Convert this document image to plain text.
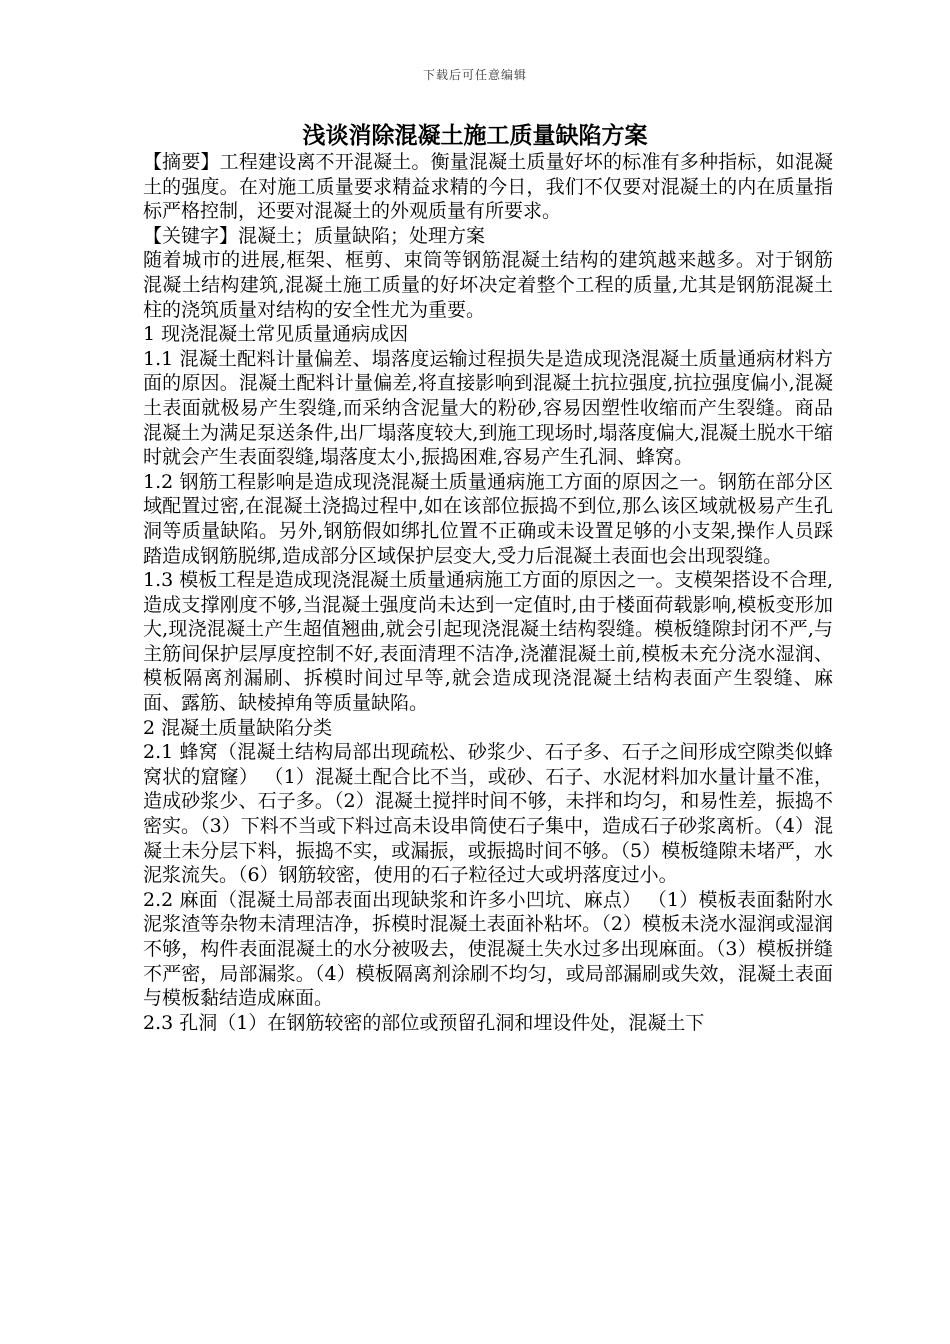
下载后可任意编辑
浅谈消除混凝土施工质量缺陷方案

【摘要】工程建设离不开混凝土。衡量混凝土质量好坏的标准有多种指标，如混凝土的强度。在对施工质量要求精益求精的今日，我们不仅要对混凝土的内在质量指标严格控制，还要对混凝土的外观质量有所要求。

【关键字】混凝土；质量缺陷；处理方案

随着城市的进展,框架、框剪、束筒等钢筋混凝土结构的建筑越来越多。对于钢筋混凝土结构建筑,混凝土施工质量的好坏决定着整个工程的质量,尤其是钢筋混凝土柱的浇筑质量对结构的安全性尤为重要。

1 现浇混凝土常见质量通病成因

1.1 混凝土配料计量偏差、塌落度运输过程损失是造成现浇混凝土质量通病材料方面的原因。混凝土配料计量偏差,将直接影响到混凝土抗拉强度,抗拉强度偏小,混凝土表面就极易产生裂缝,而采纳含泥量大的粉砂,容易因塑性收缩而产生裂缝。商品混凝土为满足泵送条件,出厂塌落度较大,到施工现场时,塌落度偏大,混凝土脱水干缩时就会产生表面裂缝,塌落度太小,振捣困难,容易产生孔洞、蜂窝。

1.2 钢筋工程影响是造成现浇混凝土质量通病施工方面的原因之一。钢筋在部分区域配置过密,在混凝土浇捣过程中,如在该部位振捣不到位,那么该区域就极易产生孔洞等质量缺陷。另外,钢筋假如绑扎位置不正确或未设置足够的小支架,操作人员踩踏造成钢筋脱绑,造成部分区域保护层变大,受力后混凝土表面也会出现裂缝。

1.3 模板工程是造成现浇混凝土质量通病施工方面的原因之一。支模架搭设不合理,造成支撑刚度不够,当混凝土强度尚未达到一定值时,由于楼面荷载影响,模板变形加大,现浇混凝土产生超值翘曲,就会引起现浇混凝土结构裂缝。模板缝隙封闭不严,与主筋间保护层厚度控制不好,表面清理不洁净,浇灌混凝土前,模板未充分浇水湿润、模板隔离剂漏刷、拆模时间过早等,就会造成现浇混凝土结构表面产生裂缝、麻面、露筋、缺棱掉角等质量缺陷。

2 混凝土质量缺陷分类

2.1 蜂窝（混凝土结构局部出现疏松、砂浆少、石子多、石子之间形成空隙类似蜂窝状的窟窿） （1）混凝土配合比不当，或砂、石子、水泥材料加水量计量不准，造成砂浆少、石子多。（2）混凝土搅拌时间不够，未拌和均匀，和易性差，振捣不密实。（3）下料不当或下料过高未设串筒使石子集中，造成石子砂浆离析。（4）混凝土未分层下料，振捣不实，或漏振，或振捣时间不够。（5）模板缝隙未堵严，水泥浆流失。（6）钢筋较密，使用的石子粒径过大或坍落度过小。

2.2 麻面（混凝土局部表面出现缺浆和许多小凹坑、麻点） （1）模板表面黏附水泥浆渣等杂物未清理洁净，拆模时混凝土表面补粘坏。（2）模板未浇水湿润或湿润不够，构件表面混凝土的水分被吸去，使混凝土失水过多出现麻面。（3）模板拼缝不严密，局部漏浆。（4）模板隔离剂涂刷不均匀，或局部漏刷或失效，混凝土表面与模板黏结造成麻面。

2.3 孔洞（1）在钢筋较密的部位或预留孔洞和埋设件处，混凝土下
